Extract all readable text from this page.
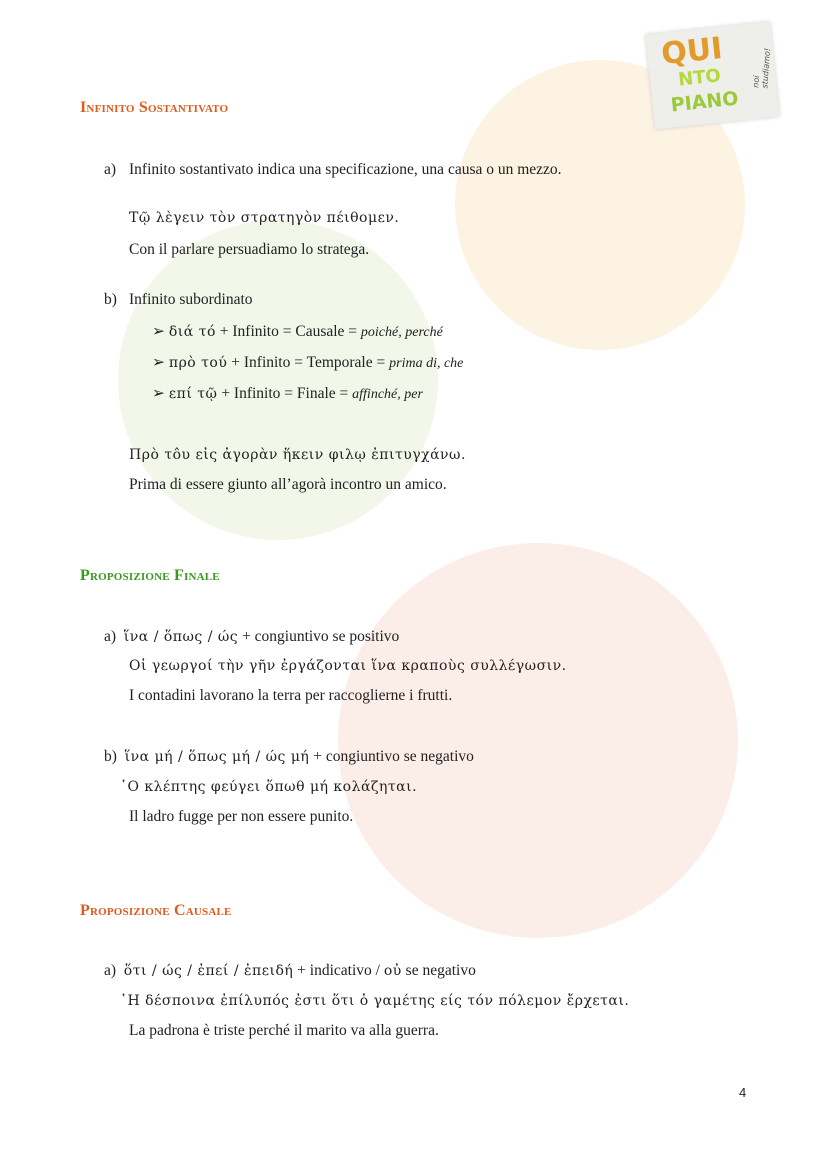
QUI
NTO
PIANO
noi studiamo!
Infinito Sostantivato
a) Infinito sostantivato indica una specificazione, una causa o un mezzo.
Τῷ λὲγειν τὸν στρατηγὸν πέιθομεν.
Con il parlare persuadiamo lo stratega.
b) Infinito subordinato
➢ διά τό + Infinito = Causale = poiché, perché
➢ πρὸ τού + Infinito = Temporale = prima di, che
➢ επί τῷ + Infinito = Finale = affinché, per
Πρὸ τôυ εἰς ἀγορὰν ἥκειν φιλῳ ἐπιτυγχάνω.
Prima di essere giunto all’agorà incontro un amico.
Proposizione Finale
a) ἵνα / ὅπως / ώς + congiuntivo se positivo
Οἱ γεωργοί τὴν γῆν ἐργάζονται ἵνα κραποὺς συλλέγωσιν.
I contadini lavorano la terra per raccoglierne i frutti.
b) ἵνα μή / ὅπως μή / ώς μή + congiuntivo se negativo
῾Ο κλέπτης φεύγει ὅπωθ μή κολάζηται.
Il ladro fugge per non essere punito.
Proposizione Causale
a) ὅτι / ώς / ἐπεί / ἐπειδή + indicativo / οὐ se negativo
῾Η δέσποινα ἐπίλυπός ἐστι ὅτι ὁ γαμέτης είς τόν πόλεμον ἔρχεται.
La padrona è triste perché il marito va alla guerra.
4
